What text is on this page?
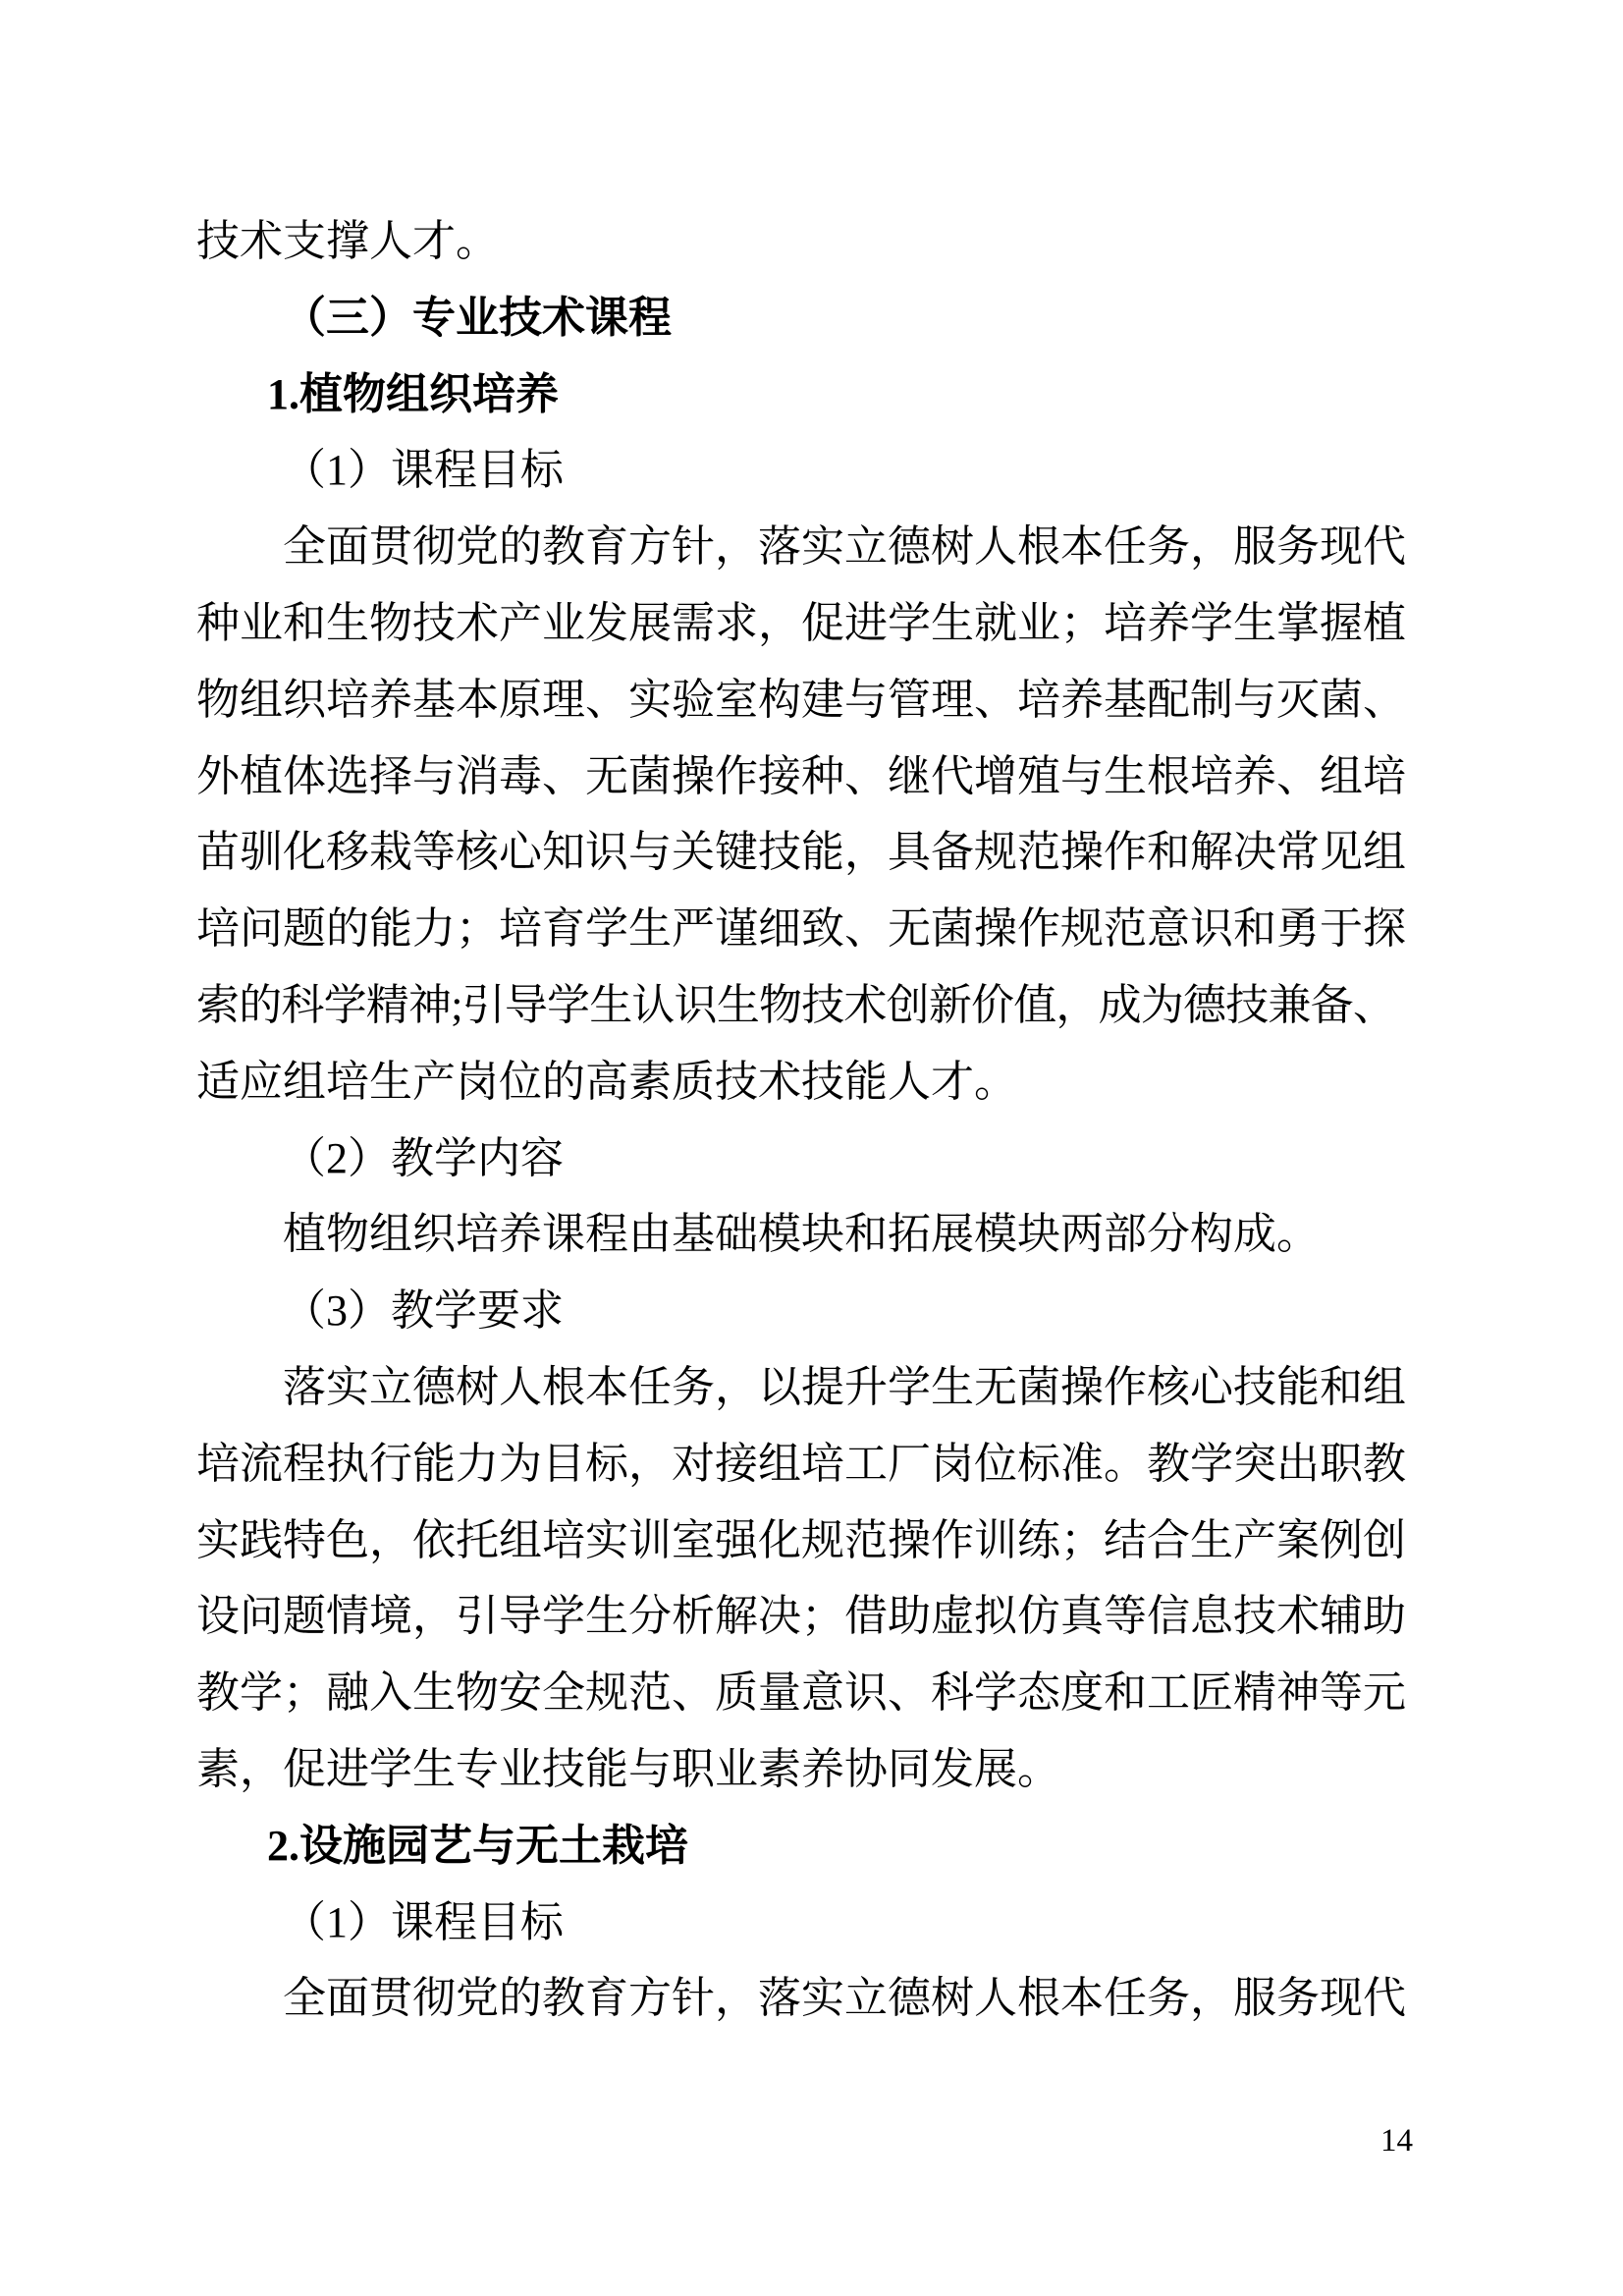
技术支撑人才。
（三）专业技术课程
1.植物组织培养
（1）课程目标
全面贯彻党的教育方针，落实立德树人根本任务，服务现代
种业和生物技术产业发展需求，促进学生就业；培养学生掌握植
物组织培养基本原理、实验室构建与管理、培养基配制与灭菌、
外植体选择与消毒、无菌操作接种、继代增殖与生根培养、组培
苗驯化移栽等核心知识与关键技能，具备规范操作和解决常见组
培问题的能力；培育学生严谨细致、无菌操作规范意识和勇于探
索的科学精神;引导学生认识生物技术创新价值，成为德技兼备、
适应组培生产岗位的高素质技术技能人才。
（2）教学内容
植物组织培养课程由基础模块和拓展模块两部分构成。
（3）教学要求
落实立德树人根本任务，以提升学生无菌操作核心技能和组
培流程执行能力为目标，对接组培工厂岗位标准。教学突出职教
实践特色，依托组培实训室强化规范操作训练；结合生产案例创
设问题情境，引导学生分析解决；借助虚拟仿真等信息技术辅助
教学；融入生物安全规范、质量意识、科学态度和工匠精神等元
素，促进学生专业技能与职业素养协同发展。
2.设施园艺与无土栽培
（1）课程目标
全面贯彻党的教育方针，落实立德树人根本任务，服务现代
14
